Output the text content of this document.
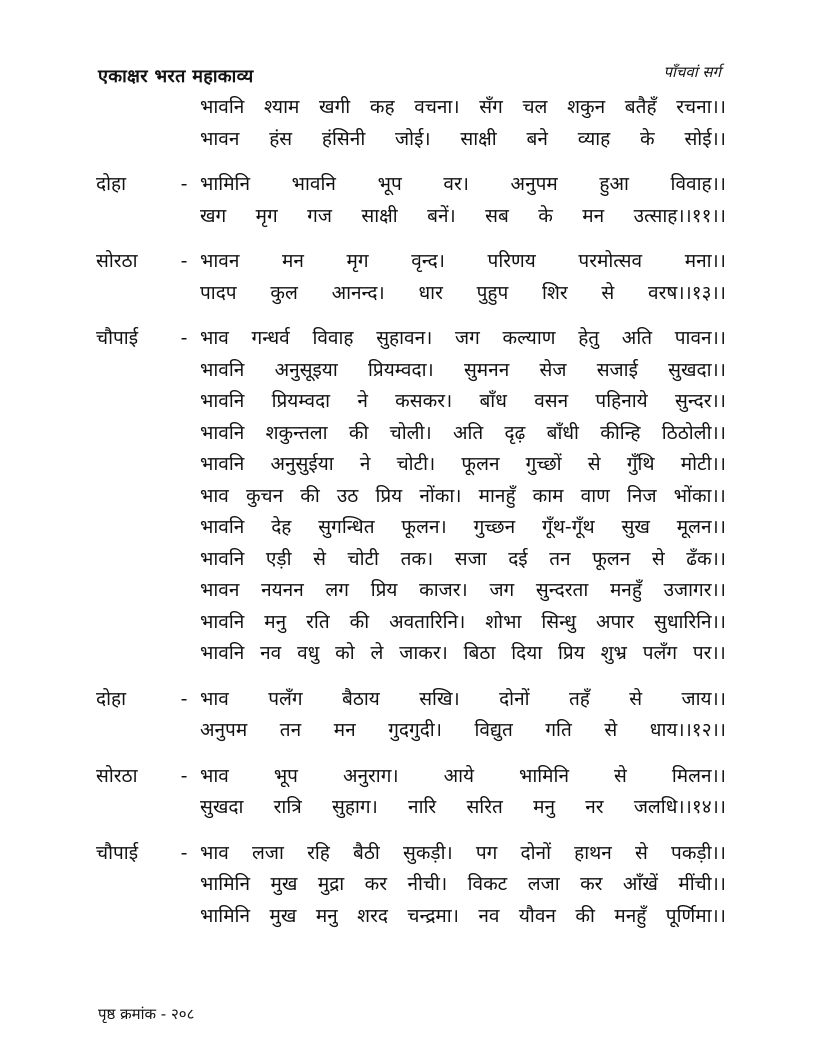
एकाक्षर भरत महाकाव्य	पाँचवां सर्ग
भावनि श्याम खगी कह वचना। सँग चल शकुन बतैहँ रचना।।
भावन हंस हंसिनी जोई। साक्षी बने व्याह के सोई।।
दोहा	- भामिनि भावनि भूप वर। अनुपम हुआ विवाह।।
खग मृग गज साक्षी बनें। सब के मन उत्साह।।११।।
सोरठा	- भावन मन मृग वृन्द। परिणय परमोत्सव मना।।
पादप कुल आनन्द। धार पुहुप शिर से वरष।।१३।।
चौपाई	- भाव गन्धर्व विवाह सुहावन। जग कल्याण हेतु अति पावन।।
भावनि अनुसूइया प्रियम्वदा। सुमनन सेज सजाई सुखदा।।
भावनि प्रियम्वदा ने कसकर। बाँध वसन पहिनाये सुन्दर।।
भावनि शकुन्तला की चोली। अति दृढ़ बाँधी कीन्हि ठिठोली।।
भावनि अनुसुईया ने चोटी। फूलन गुच्छों से गुँथि मोटी।।
भाव कुचन की उठ प्रिय नोंका। मानहुँ काम वाण निज भोंका।।
भावनि देह सुगन्धित फूलन। गुच्छन गूँथ-गूँथ सुख मूलन।।
भावनि एड़ी से चोटी तक। सजा दई तन फूलन से ढँक।।
भावन नयनन लग प्रिय काजर। जग सुन्दरता मनहुँ उजागर।।
भावनि मनु रति की अवतारिनि। शोभा सिन्धु अपार सुधारिनि।।
भावनि नव वधु को ले जाकर। बिठा दिया प्रिय शुभ्र पलँग पर।।
दोहा	- भाव पलँग बैठाय सखि। दोनों तहँ से जाय।।
अनुपम तन मन गुदगुदी। विद्युत गति से धाय।।१२।।
सोरठा	- भाव भूप अनुराग। आये भामिनि से मिलन।।
सुखदा रात्रि सुहाग। नारि सरित मनु नर जलधि।।१४।।
चौपाई	- भाव लजा रहि बैठी सुकड़ी। पग दोनों हाथन से पकड़ी।।
भामिनि मुख मुद्रा कर नीची। विकट लजा कर आँखें मींची।।
भामिनि मुख मनु शरद चन्द्रमा। नव यौवन की मनहुँ पूर्णिमा।।
पृष्ठ क्रमांक - २०८
